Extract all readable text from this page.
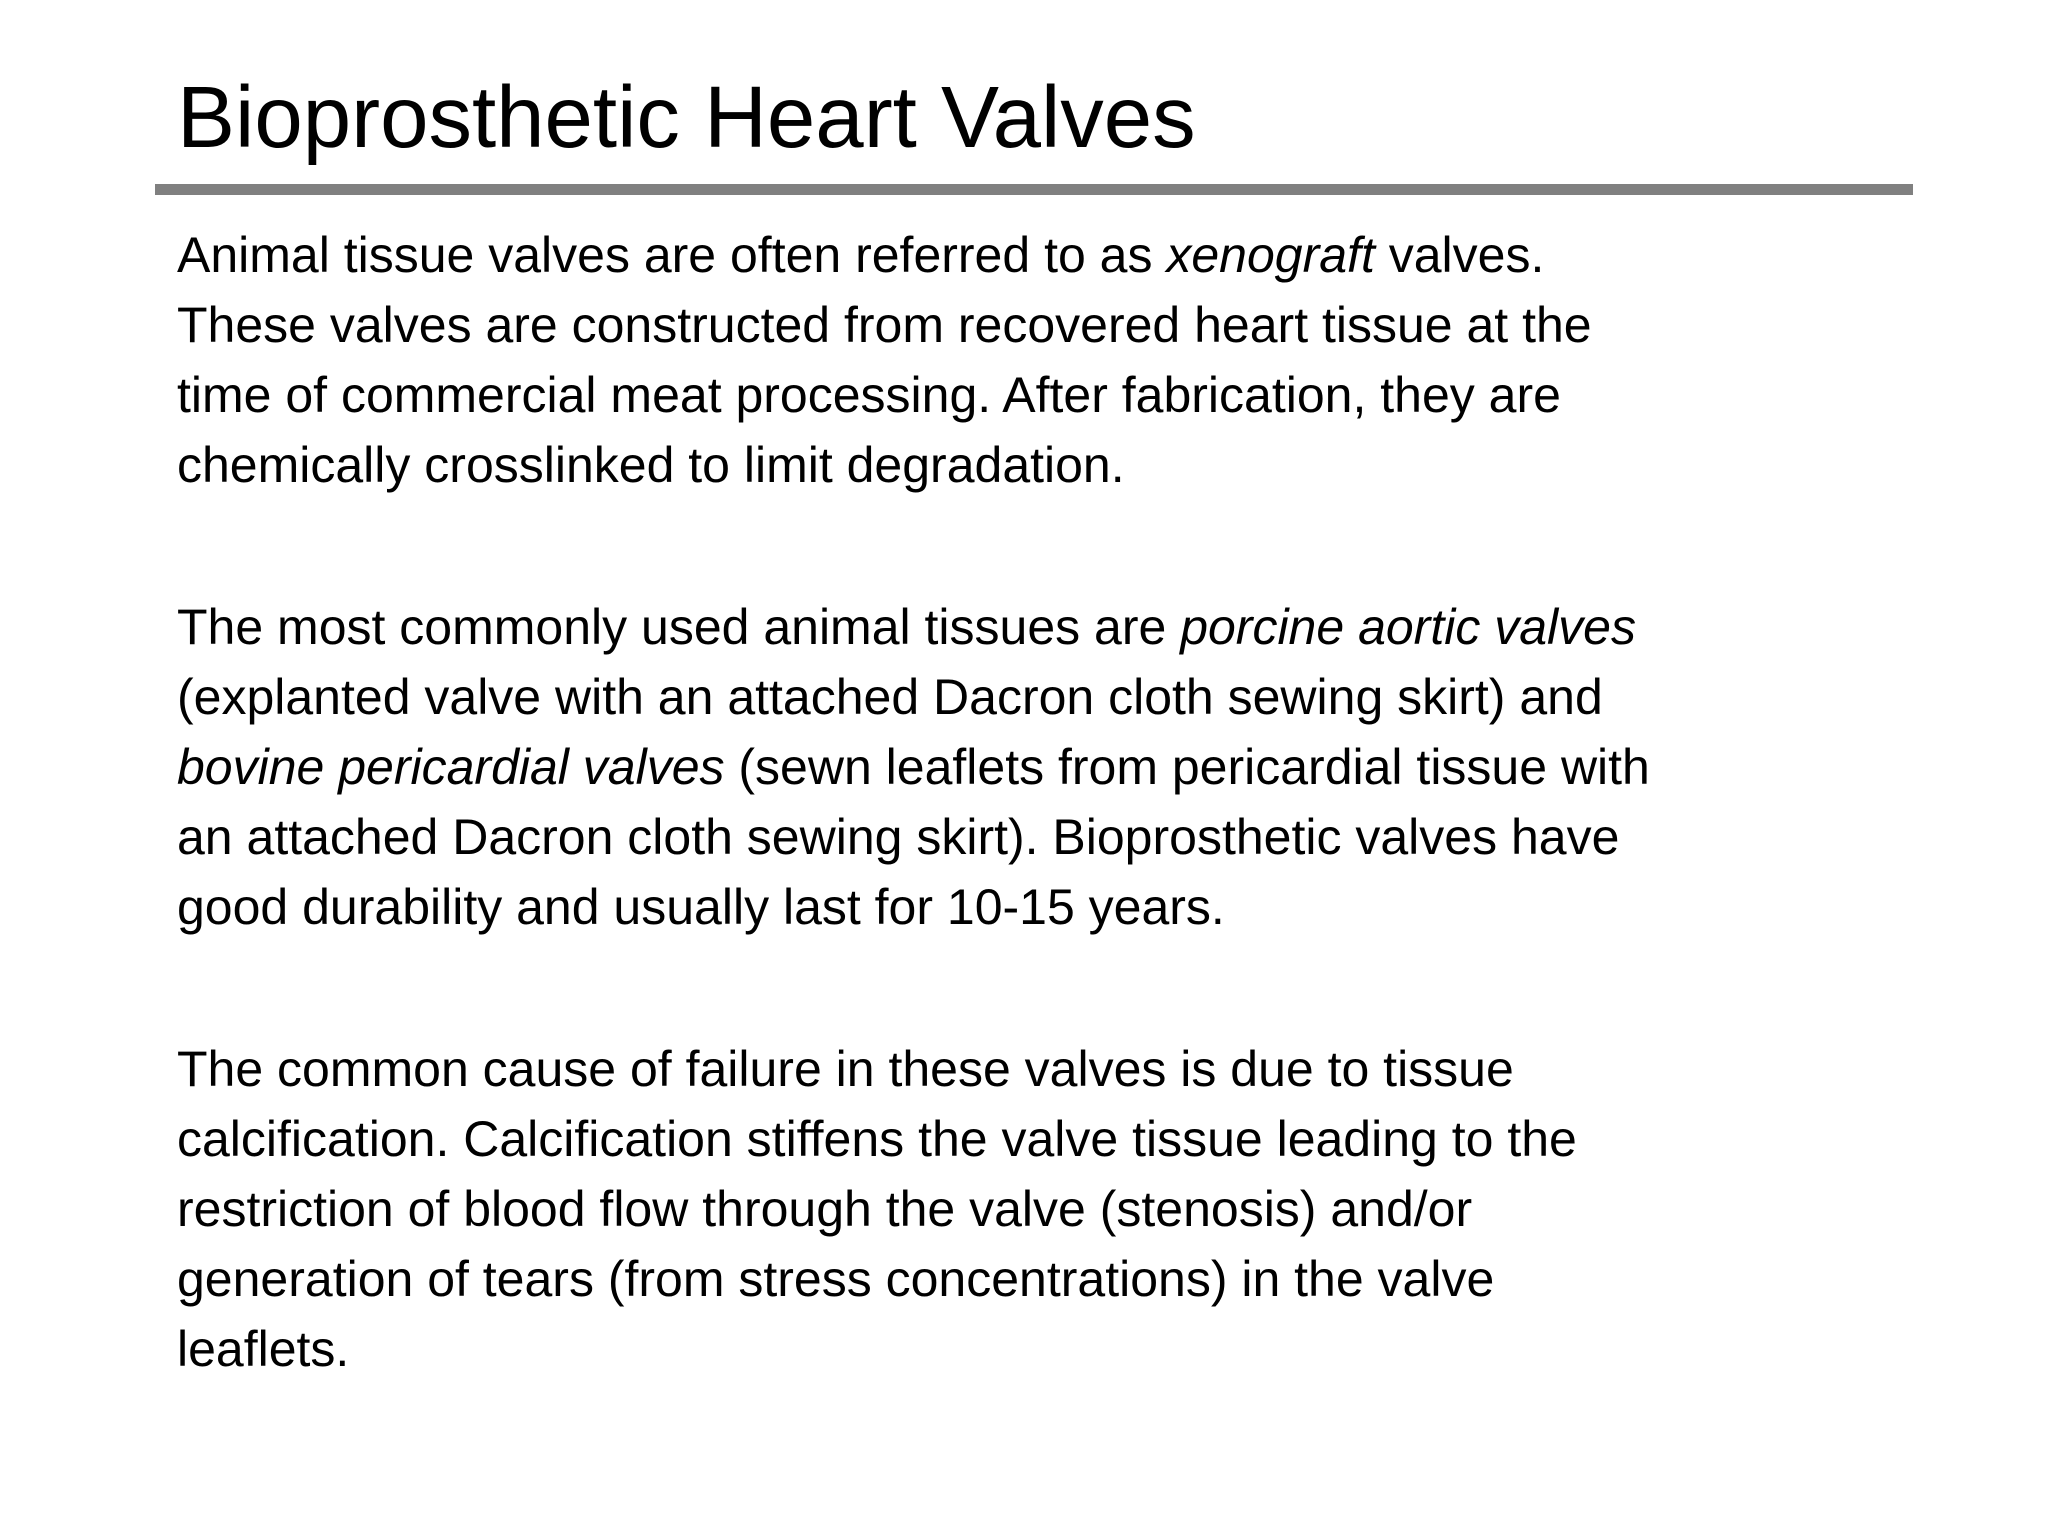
Bioprosthetic Heart Valves

Animal tissue valves are often referred to as xenograft valves.
These valves are constructed from recovered heart tissue at the
time of commercial meat processing. After fabrication, they are
chemically crosslinked to limit degradation.

The most commonly used animal tissues are porcine aortic valves
(explanted valve with an attached Dacron cloth sewing skirt) and
bovine pericardial valves (sewn leaflets from pericardial tissue with
an attached Dacron cloth sewing skirt). Bioprosthetic valves have
good durability and usually last for 10-15 years.

The common cause of failure in these valves is due to tissue
calcification. Calcification stiffens the valve tissue leading to the
restriction of blood flow through the valve (stenosis) and/or
generation of tears (from stress concentrations) in the valve
leaflets.
